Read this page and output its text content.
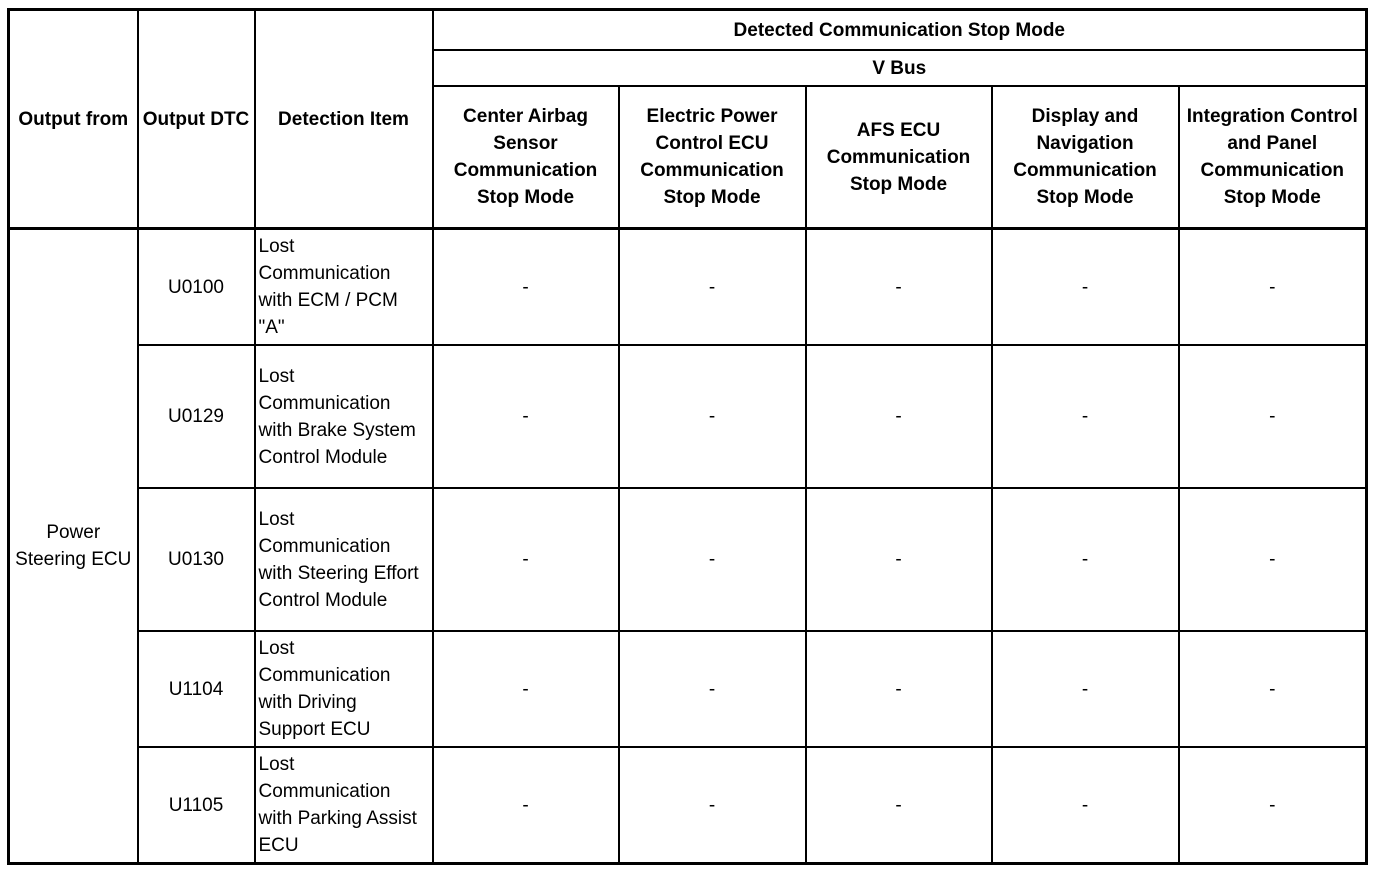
Output from	Output DTC	Detection Item	Detected Communication Stop Mode				
			V Bus				
			Center Airbag Sensor Communication Stop Mode	Electric Power Control ECU Communication Stop Mode	AFS ECU Communication Stop Mode	Display and Navigation Communication Stop Mode	Integration Control and Panel Communication Stop Mode
Power Steering ECU	U0100	Lost Communication with ECM / PCM "A"	-	-	-	-	-
	U0129	Lost Communication with Brake System Control Module	-	-	-	-	-
	U0130	Lost Communication with Steering Effort Control Module	-	-	-	-	-
	U1104	Lost Communication with Driving Support ECU	-	-	-	-	-
	U1105	Lost Communication with Parking Assist ECU	-	-	-	-	-
